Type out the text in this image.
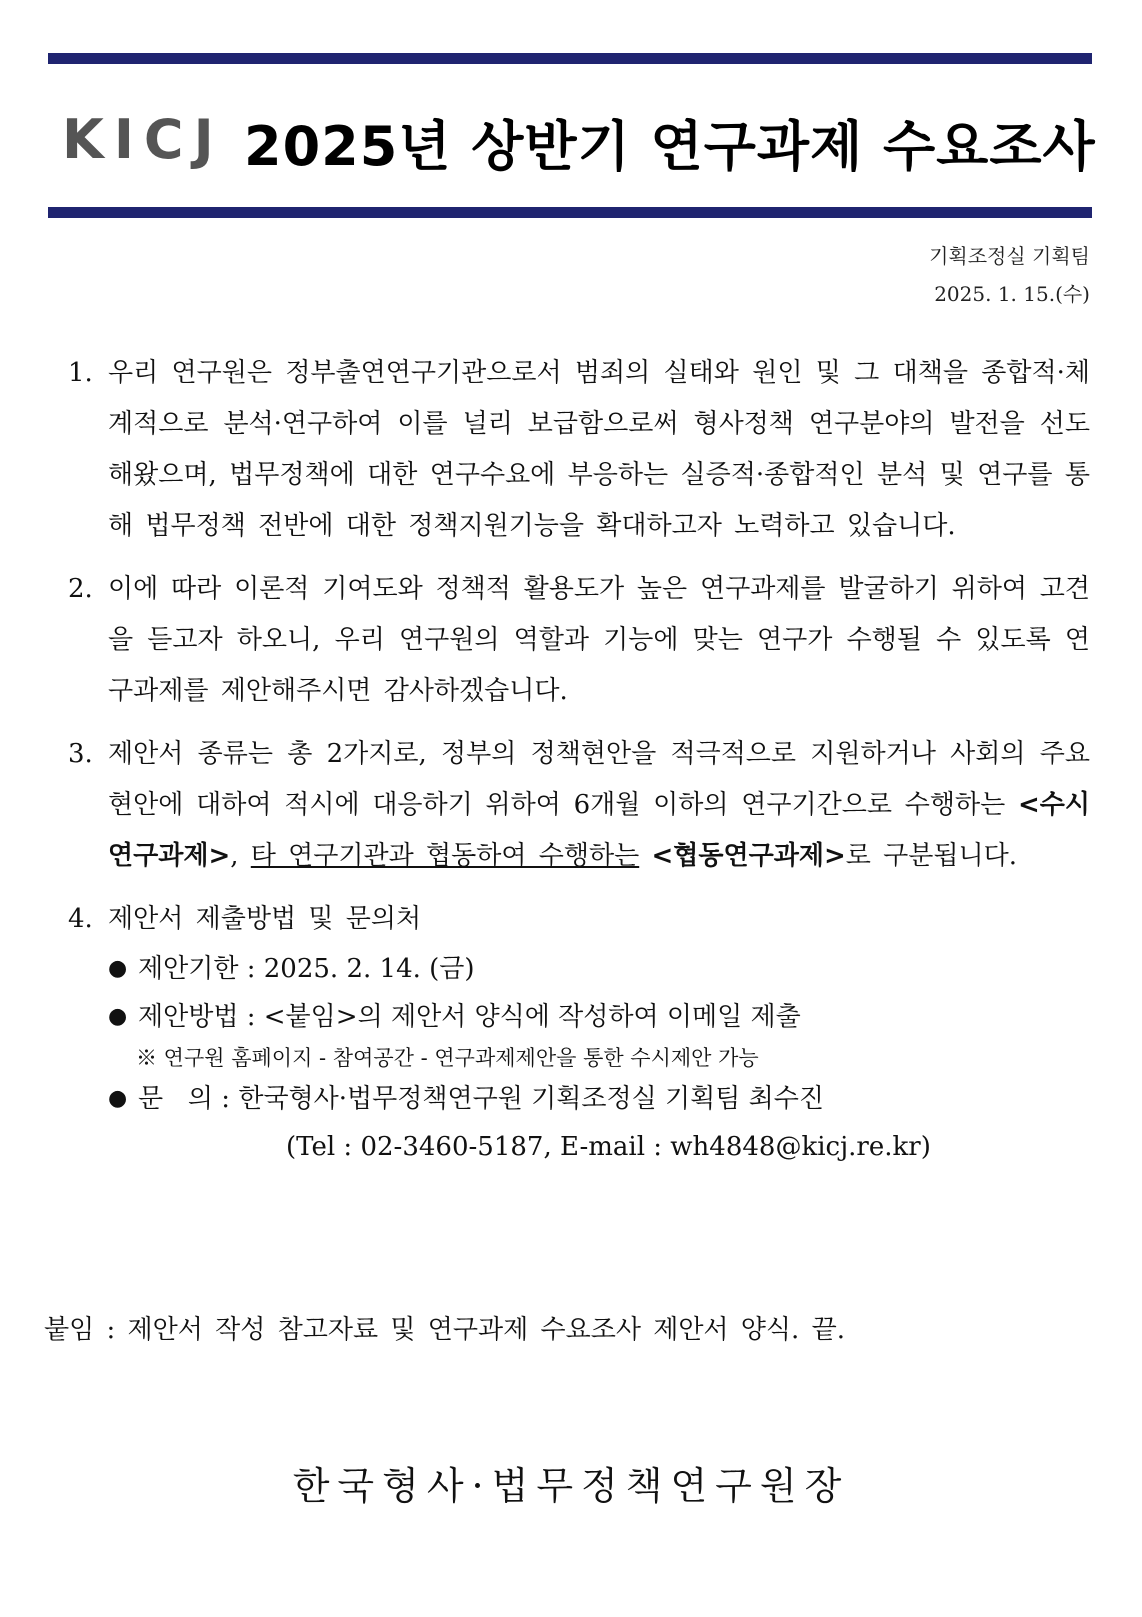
KICJ 2025년 상반기 연구과제 수요조사
기획조정실 기획팀
2025. 1. 15.(수)
1. 우리 연구원은 정부출연연구기관으로서 범죄의 실태와 원인 및 그 대책을 종합적·체계적으로 분석·연구하여 이를 널리 보급함으로써 형사정책 연구분야의 발전을 선도해왔으며, 법무정책에 대한 연구수요에 부응하는 실증적·종합적인 분석 및 연구를 통해 법무정책 전반에 대한 정책지원기능을 확대하고자 노력하고 있습니다.
2. 이에 따라 이론적 기여도와 정책적 활용도가 높은 연구과제를 발굴하기 위하여 고견을 듣고자 하오니, 우리 연구원의 역할과 기능에 맞는 연구가 수행될 수 있도록 연구과제를 제안해주시면 감사하겠습니다.
3. 제안서 종류는 총 2가지로, 정부의 정책현안을 적극적으로 지원하거나 사회의 주요현안에 대하여 적시에 대응하기 위하여 6개월 이하의 연구기간으로 수행하는 <수시연구과제>, 타 연구기관과 협동하여 수행하는 <협동연구과제>로 구분됩니다.
4. 제안서 제출방법 및 문의처
● 제안기한 : 2025. 2. 14. (금)
● 제안방법 : <붙임>의 제안서 양식에 작성하여 이메일 제출
※ 연구원 홈페이지 - 참여공간 - 연구과제제안을 통한 수시제안 가능
● 문   의 : 한국형사·법무정책연구원 기획조정실 기획팀 최수진
(Tel : 02-3460-5187, E-mail : wh4848@kicj.re.kr)
붙임 : 제안서 작성 참고자료 및 연구과제 수요조사 제안서 양식. 끝.
한국형사·법무정책연구원장
